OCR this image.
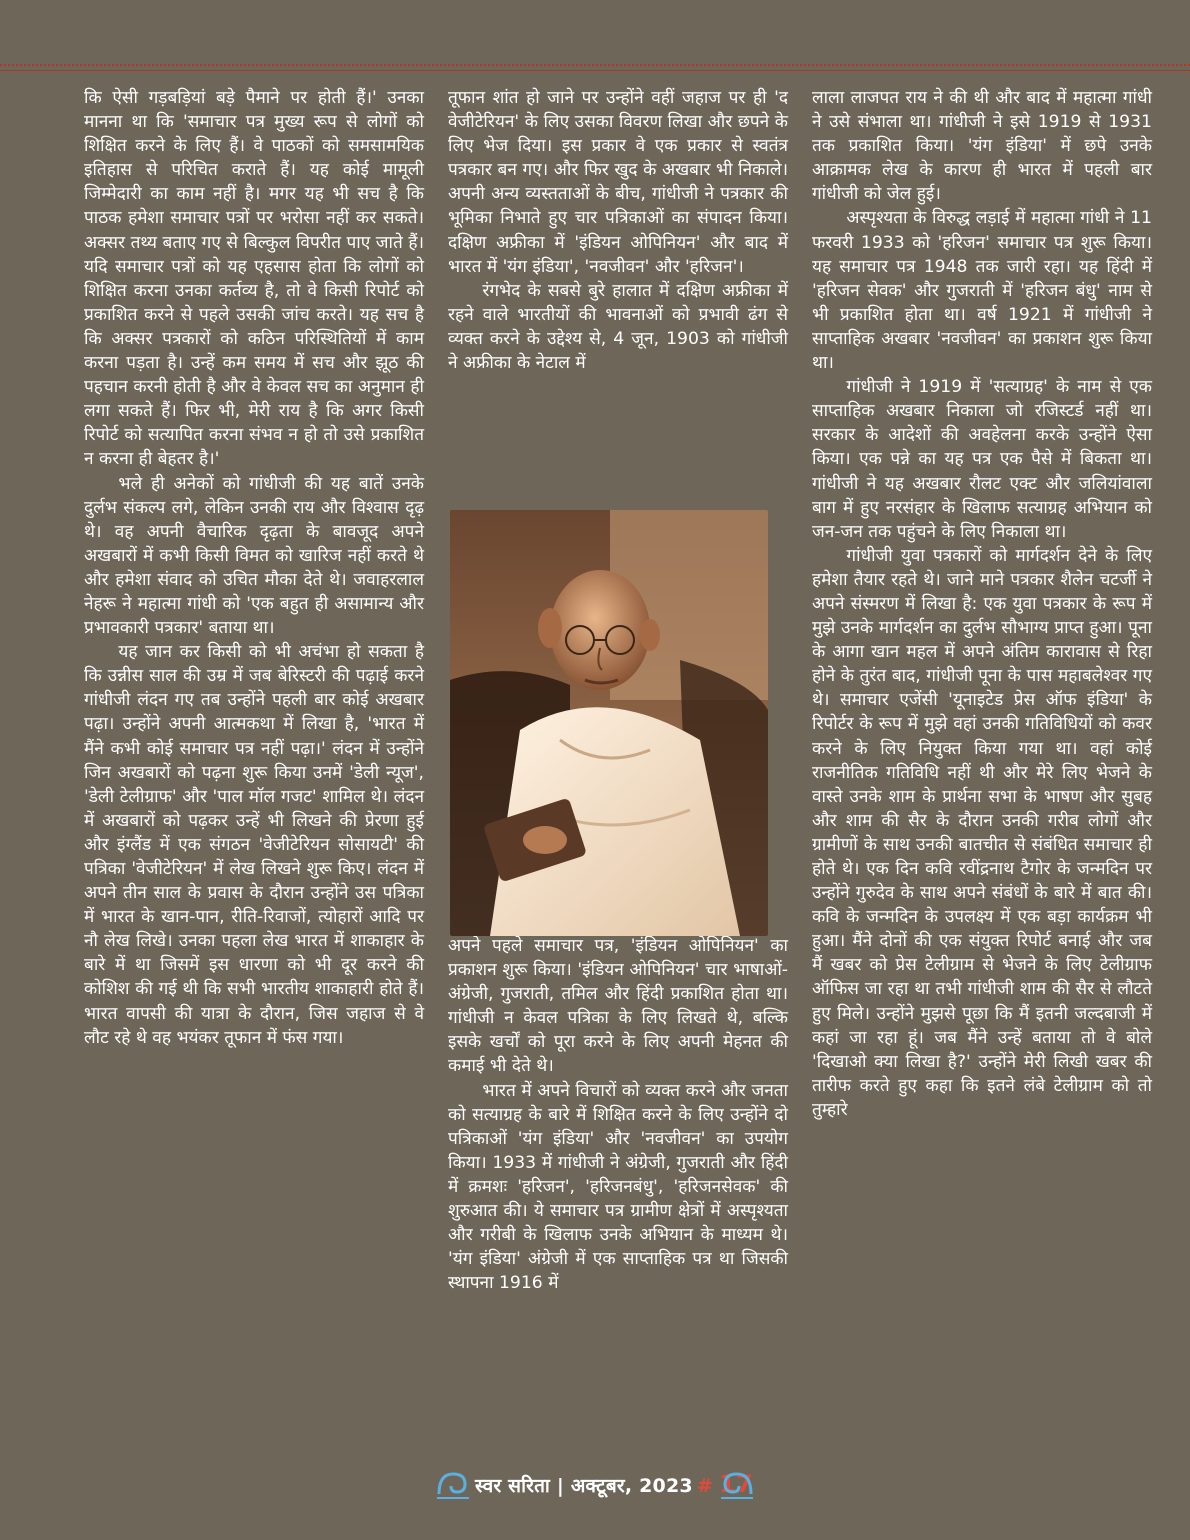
कि ऐसी गड़बड़ियां बड़े पैमाने पर होती हैं।' उनका मानना था कि 'समाचार पत्र मुख्य रूप से लोगों को शिक्षित करने के लिए हैं। वे पाठकों को समसामयिक इतिहास से परिचित कराते हैं। यह कोई मामूली जिम्मेदारी का काम नहीं है। मगर यह भी सच है कि पाठक हमेशा समाचार पत्रों पर भरोसा नहीं कर सकते। अक्सर तथ्य बताए गए से बिल्कुल विपरीत पाए जाते हैं। यदि समाचार पत्रों को यह एहसास होता कि लोगों को शिक्षित करना उनका कर्तव्य है, तो वे किसी रिपोर्ट को प्रकाशित करने से पहले उसकी जांच करते। यह सच है कि अक्सर पत्रकारों को कठिन परिस्थितियों में काम करना पड़ता है। उन्हें कम समय में सच और झूठ की पहचान करनी होती है और वे केवल सच का अनुमान ही लगा सकते हैं। फिर भी, मेरी राय है कि अगर किसी रिपोर्ट को सत्यापित करना संभव न हो तो उसे प्रकाशित न करना ही बेहतर है।'

भले ही अनेकों को गांधीजी की यह बातें उनके दुर्लभ संकल्प लगे, लेकिन उनकी राय और विश्वास दृढ़ थे। वह अपनी वैचारिक दृढ़ता के बावजूद अपने अखबारों में कभी किसी विमत को खारिज नहीं करते थे और हमेशा संवाद को उचित मौका देते थे। जवाहरलाल नेहरू ने महात्मा गांधी को 'एक बहुत ही असामान्य और प्रभावकारी पत्रकार' बताया था।

यह जान कर किसी को भी अचंभा हो सकता है कि उन्नीस साल की उम्र में जब बेरिस्टरी की पढ़ाई करने गांधीजी लंदन गए तब उन्होंने पहली बार कोई अखबार पढ़ा। उन्होंने अपनी आत्मकथा में लिखा है, 'भारत में मैंने कभी कोई समाचार पत्र नहीं पढ़ा।' लंदन में उन्होंने जिन अखबारों को पढ़ना शुरू किया उनमें 'डेली न्यूज', 'डेली टेलीग्राफ' और 'पाल मॉल गजट' शामिल थे। लंदन में अखबारों को पढ़कर उन्हें भी लिखने की प्रेरणा हुई और इंग्लैंड में एक संगठन 'वेजीटेरियन सोसायटी' की पत्रिका 'वेजीटेरियन' में लेख लिखने शुरू किए। लंदन में अपने तीन साल के प्रवास के दौरान उन्होंने उस पत्रिका में भारत के खान-पान, रीति-रिवाजों, त्योहारों आदि पर नौ लेख लिखे। उनका पहला लेख भारत में शाकाहार के बारे में था जिसमें इस धारणा को भी दूर करने की कोशिश की गई थी कि सभी भारतीय शाकाहारी होते हैं। भारत वापसी की यात्रा के दौरान, जिस जहाज से वे लौट रहे थे वह भयंकर तूफान में फंस गया।

तूफान शांत हो जाने पर उन्होंने वहीं जहाज पर ही 'द वेजीटेरियन' के लिए उसका विवरण लिखा और छपने के लिए भेज दिया। इस प्रकार वे एक प्रकार से स्वतंत्र पत्रकार बन गए। और फिर खुद के अखबार भी निकाले। अपनी अन्य व्यस्तताओं के बीच, गांधीजी ने पत्रकार की भूमिका निभाते हुए चार पत्रिकाओं का संपादन किया। दक्षिण अफ्रीका में 'इंडियन ओपिनियन' और बाद में भारत में 'यंग इंडिया', 'नवजीवन' और 'हरिजन'।

रंगभेद के सबसे बुरे हालात में दक्षिण अफ्रीका में रहने वाले भारतीयों की भावनाओं को प्रभावी ढंग से व्यक्त करने के उद्देश्य से, 4 जून, 1903 को गांधीजी ने अफ्रीका के नेटाल में

अपने पहले समाचार पत्र, 'इंडियन ओपिनियन' का प्रकाशन शुरू किया। 'इंडियन ओपिनियन' चार भाषाओं- अंग्रेजी, गुजराती, तमिल और हिंदी प्रकाशित होता था। गांधीजी न केवल पत्रिका के लिए लिखते थे, बल्कि इसके खर्चों को पूरा करने के लिए अपनी मेहनत की कमाई भी देते थे।

भारत में अपने विचारों को व्यक्त करने और जनता को सत्याग्रह के बारे में शिक्षित करने के लिए उन्होंने दो पत्रिकाओं 'यंग इंडिया' और 'नवजीवन' का उपयोग किया। 1933 में गांधीजी ने अंग्रेजी, गुजराती और हिंदी में क्रमशः 'हरिजन', 'हरिजनबंधु', 'हरिजनसेवक' की शुरुआत की। ये समाचार पत्र ग्रामीण क्षेत्रों में अस्पृश्यता और गरीबी के खिलाफ उनके अभियान के माध्यम थे। 'यंग इंडिया' अंग्रेजी में एक साप्ताहिक पत्र था जिसकी स्थापना 1916 में

लाला लाजपत राय ने की थी और बाद में महात्मा गांधी ने उसे संभाला था। गांधीजी ने इसे 1919 से 1931 तक प्रकाशित किया। 'यंग इंडिया' में छपे उनके आक्रामक लेख के कारण ही भारत में पहली बार गांधीजी को जेल हुई।

अस्पृश्यता के विरुद्ध लड़ाई में महात्मा गांधी ने 11 फरवरी 1933 को 'हरिजन' समाचार पत्र शुरू किया। यह समाचार पत्र 1948 तक जारी रहा। यह हिंदी में 'हरिजन सेवक' और गुजराती में 'हरिजन बंधु' नाम से भी प्रकाशित होता था। वर्ष 1921 में गांधीजी ने साप्ताहिक अखबार 'नवजीवन' का प्रकाशन शुरू किया था।

गांधीजी ने 1919 में 'सत्याग्रह' के नाम से एक साप्ताहिक अखबार निकाला जो रजिस्टर्ड नहीं था। सरकार के आदेशों की अवहेलना करके उन्होंने ऐसा किया। एक पन्ने का यह पत्र एक पैसे में बिकता था। गांधीजी ने यह अखबार रौलट एक्ट और जलियांवाला बाग में हुए नरसंहार के खिलाफ सत्याग्रह अभियान को जन-जन तक पहुंचने के लिए निकाला था।

गांधीजी युवा पत्रकारों को मार्गदर्शन देने के लिए हमेशा तैयार रहते थे। जाने माने पत्रकार शैलेन चटर्जी ने अपने संस्मरण में लिखा है: एक युवा पत्रकार के रूप में मुझे उनके मार्गदर्शन का दुर्लभ सौभाग्य प्राप्त हुआ। पूना के आगा खान महल में अपने अंतिम कारावास से रिहा होने के तुरंत बाद, गांधीजी पूना के पास महाबलेश्वर गए थे। समाचार एजेंसी 'यूनाइटेड प्रेस ऑफ इंडिया' के रिपोर्टर के रूप में मुझे वहां उनकी गतिविधियों को कवर करने के लिए नियुक्त किया गया था। वहां कोई राजनीतिक गतिविधि नहीं थी और मेरे लिए भेजने के वास्ते उनके शाम के प्रार्थना सभा के भाषण और सुबह और शाम की सैर के दौरान उनकी गरीब लोगों और ग्रामीणों के साथ उनकी बातचीत से संबंधित समाचार ही होते थे। एक दिन कवि रवींद्रनाथ टैगोर के जन्मदिन पर उन्होंने गुरुदेव के साथ अपने संबंधों के बारे में बात की। कवि के जन्मदिन के उपलक्ष्य में एक बड़ा कार्यक्रम भी हुआ। मैंने दोनों की एक संयुक्त रिपोर्ट बनाई और जब मैं खबर को प्रेस टेलीग्राम से भेजने के लिए टेलीग्राफ ऑफिस जा रहा था तभी गांधीजी शाम की सैर से लौटते हुए मिले। उन्होंने मुझसे पूछा कि मैं इतनी जल्दबाजी में कहां जा रहा हूं। जब मैंने उन्हें बताया तो वे बोले 'दिखाओ क्या लिखा है?' उन्होंने मेरी लिखी खबर की तारीफ करते हुए कहा कि इतने लंबे टेलीग्राम को तो तुम्हारे

स्वर सरिता | अक्टूबर, 2023 # 17
